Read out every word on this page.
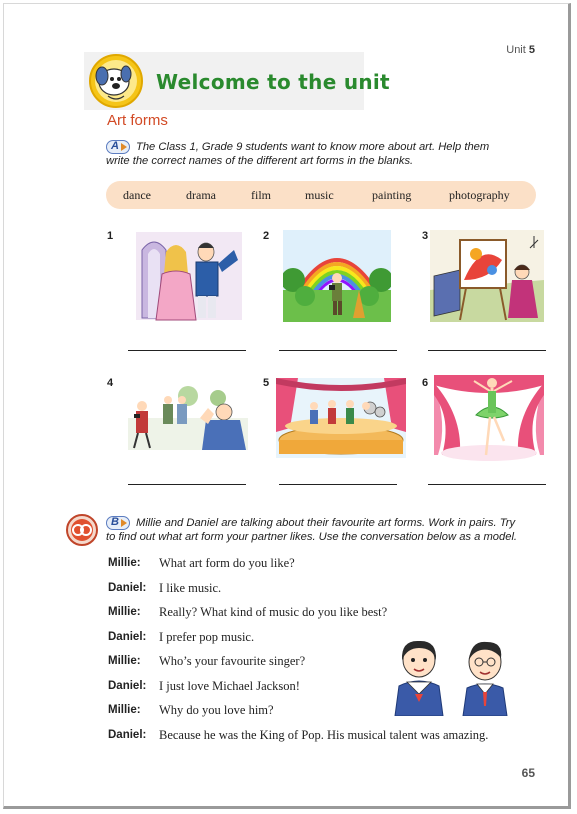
Unit 5
Welcome to the unit
Art forms
A The Class 1, Grade 9 students want to know more about art. Help them
write the correct names of the different art forms in the blanks.
dance	drama	film	music	painting	photography
1	2	3
4	5	6
B Millie and Daniel are talking about their favourite art forms. Work in pairs. Try
to find out what art form your partner likes. Use the conversation below as a model.
Millie: What art form do you like?
Daniel: I like music.
Millie: Really? What kind of music do you like best?
Daniel: I prefer pop music.
Millie: Who’s your favourite singer?
Daniel: I just love Michael Jackson!
Millie: Why do you love him?
Daniel: Because he was the King of Pop. His musical talent was amazing.
65
